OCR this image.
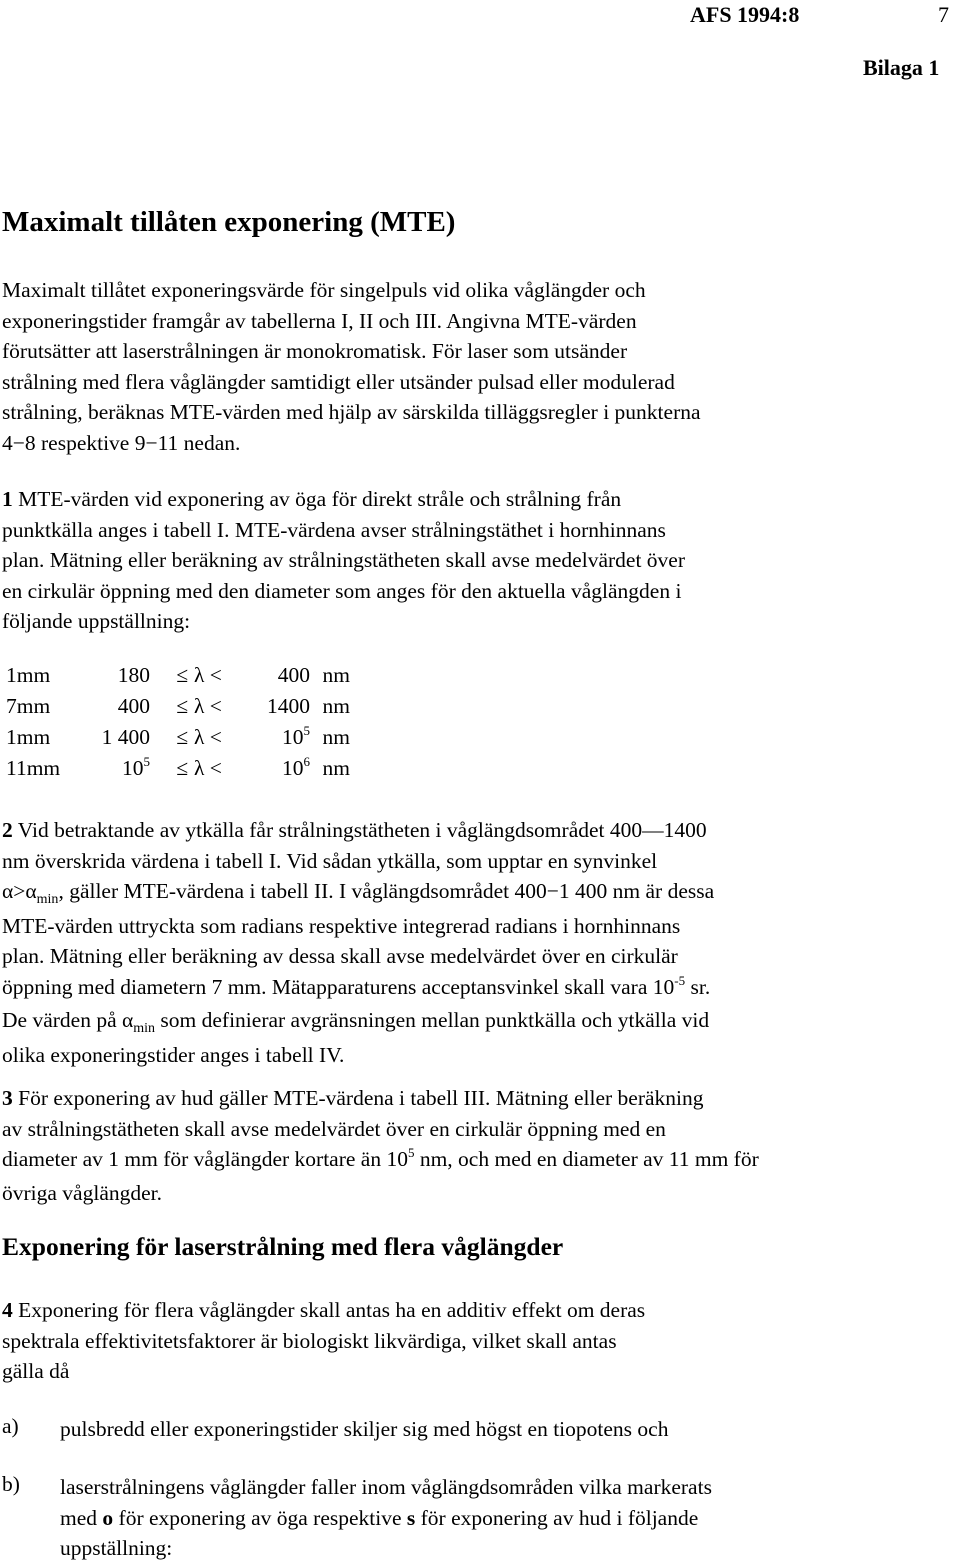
AFS 1994:8	7
Bilaga 1
Maximalt tillåten exponering (MTE)
Maximalt tillåtet exponeringsvärde för singelpuls vid olika våglängder och
exponeringstider framgår av tabellerna I, II och III. Angivna MTE-värden
förutsätter att laserstrålningen är monokromatisk. För laser som utsänder
strålning med flera våglängder samtidigt eller utsänder pulsad eller modulerad
strålning, beräknas MTE-värden med hjälp av särskilda tilläggsregler i punkterna
4−8 respektive 9−11 nedan.
1 MTE-värden vid exponering av öga för direkt stråle och strålning från
punktkälla anges i tabell I. MTE-värdena avser strålningstäthet i hornhinnans
plan. Mätning eller beräkning av strålningstätheten skall avse medelvärdet över
en cirkulär öppning med den diameter som anges för den aktuella våglängden i
följande uppställning:
1mm	180	≤	λ <	400	nm
7mm	400	≤	λ <	1400	nm
1mm	1 400	≤	λ <	$10^5$	nm
11mm	$10^5$	≤	λ <	$10^6$	nm
2 Vid betraktande av ytkälla får strålningstätheten i våglängdsområdet 400—1400
nm överskrida värdena i tabell I. Vid sådan ytkälla, som upptar en synvinkel
$\alpha>\alpha_{min}$, gäller MTE-värdena i tabell II. I våglängdsområdet 400−1 400 nm är dessa
MTE-värden uttryckta som radians respektive integrerad radians i hornhinnans
plan. Mätning eller beräkning av dessa skall avse medelvärdet över en cirkulär
öppning med diametern 7 mm. Mätapparaturens acceptansvinkel skall vara $10^{-5}$ sr.
De värden på $\alpha_{min}$ som definierar avgränsningen mellan punktkälla och ytkälla vid
olika exponeringstider anges i tabell IV.
3 För exponering av hud gäller MTE-värdena i tabell III. Mätning eller beräkning
av strålningstätheten skall avse medelvärdet över en cirkulär öppning med en
diameter av 1 mm för våglängder kortare än $10^5$ nm, och med en diameter av 11 mm för
övriga våglängder.
Exponering för laserstrålning med flera våglängder
4 Exponering för flera våglängder skall antas ha en additiv effekt om deras
spektrala effektivitetsfaktorer är biologiskt likvärdiga, vilket skall antas
gälla då
a) pulsbredd eller exponeringstider skiljer sig med högst en tiopotens och
b) laserstrålningens våglängder faller inom våglängdsområden vilka markerats
med o för exponering av öga respektive s för exponering av hud i följande
uppställning:
